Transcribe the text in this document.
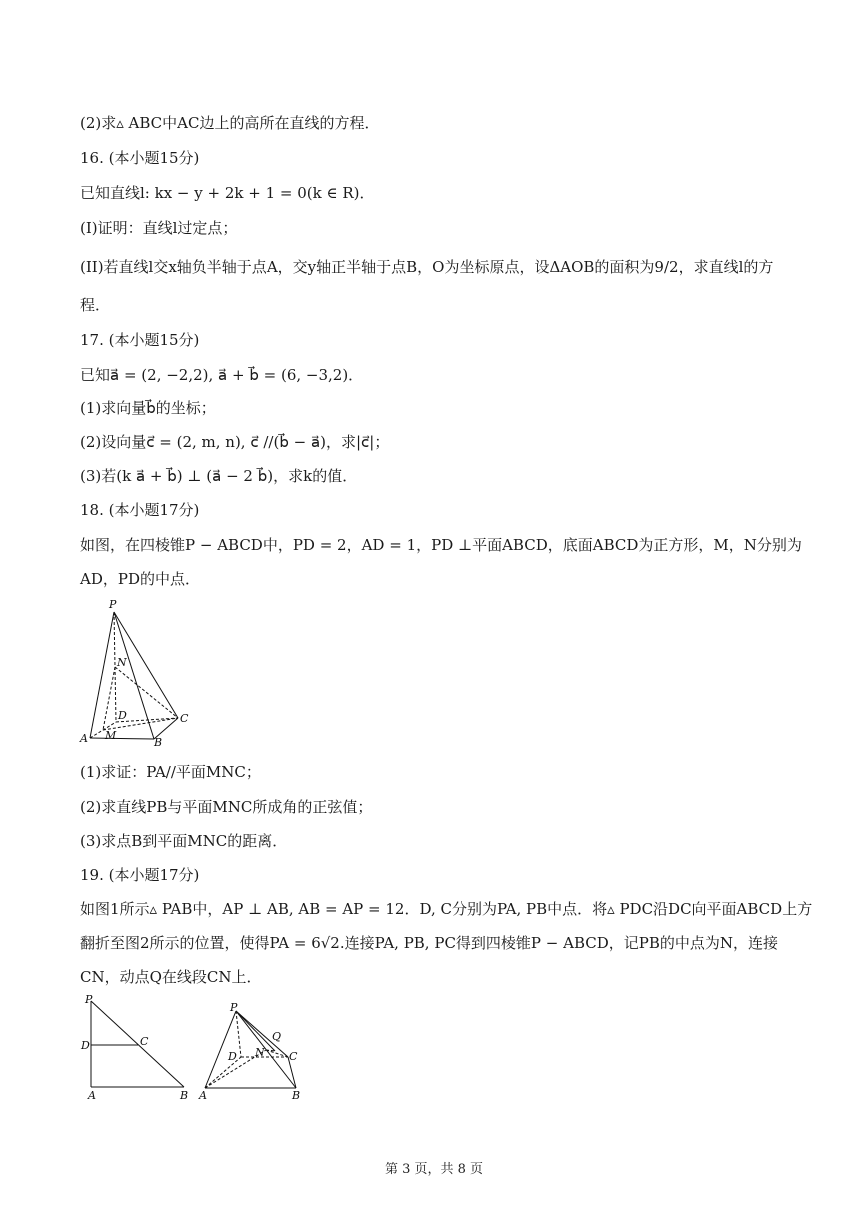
(2)求▵ ABC中AC边上的高所在直线的方程．
16. (本小题15分)
已知直线l: kx − y + 2k + 1 = 0(k ∈ R)．
(I)证明：直线l过定点；
(II)若直线l交x轴负半轴于点A，交y轴正半轴于点B，O为坐标原点，设ΔAOB的面积为9/2，求直线l的方
程．
17. (本小题15分)
已知a⃗ = (2, −2,2), a⃗ + b⃗ = (6, −3,2)．
(1)求向量b⃗的坐标；
(2)设向量c⃗ = (2, m, n), c⃗ //(b⃗ − a⃗)，求|c⃗|；
(3)若(k a⃗ + b⃗) ⊥ (a⃗ − 2 b⃗)，求k的值．
18. (本小题17分)
如图，在四棱锥P − ABCD中，PD = 2，AD = 1，PD ⊥平面ABCD，底面ABCD为正方形，M，N分别为
AD，PD的中点．
P
N
D	C
A M
B
(1)求证：PA//平面MNC；
(2)求直线PB与平面MNC所成角的正弦值；
(3)求点B到平面MNC的距离．
19. (本小题17分)
如图1所示▵ PAB中，AP ⊥ AB, AB = AP = 12．D, C分别为PA, PB中点．将▵ PDC沿DC向平面ABCD上方
翻折至图2所示的位置，使得PA = 6√2.连接PA, PB, PC得到四棱锥P − ABCD，记PB的中点为N，连接
CN，动点Q在线段CN上．
P
D	C
A	B
P
Q
D N C
A	B
第 3 页，共 8 页
